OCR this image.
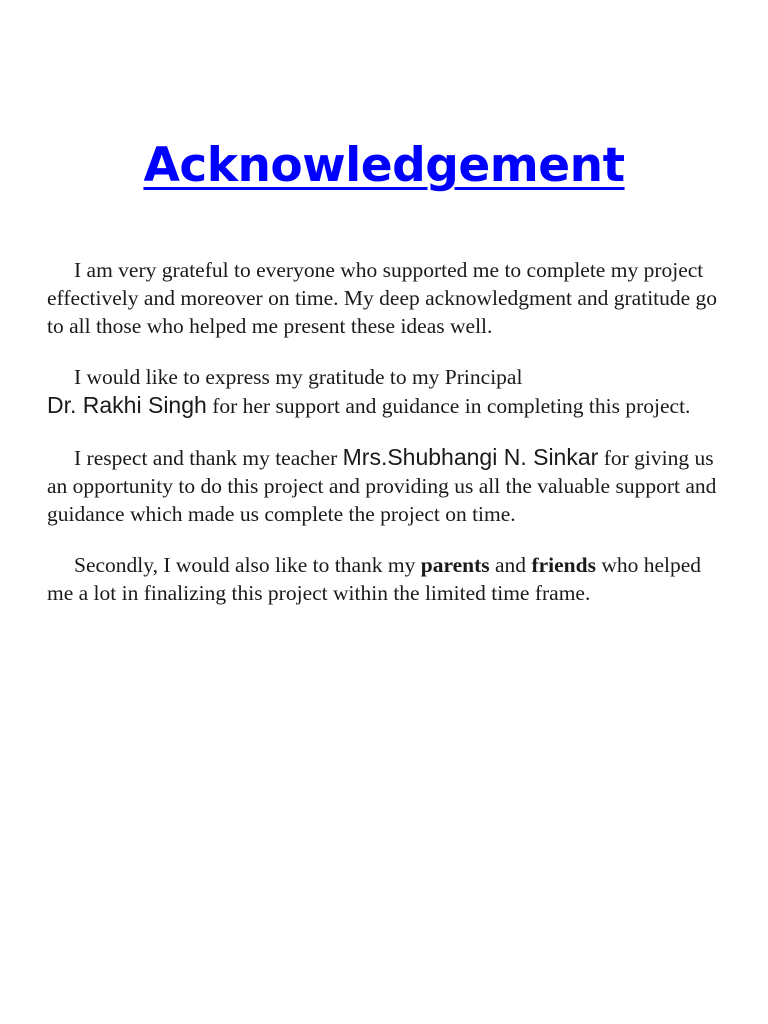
Acknowledgement

I am very grateful to everyone who supported me to complete my project effectively and moreover on time. My deep acknowledgment and gratitude go to all those who helped me present these ideas well.

I would like to express my gratitude to my Principal
Dr. Rakhi Singh for her support and guidance in completing this project.

I respect and thank my teacher Mrs.Shubhangi N. Sinkar for giving us an opportunity to do this project and providing us all the valuable support and guidance which made us complete the project on time.

Secondly, I would also like to thank my parents and friends who helped me a lot in finalizing this project within the limited time frame.
